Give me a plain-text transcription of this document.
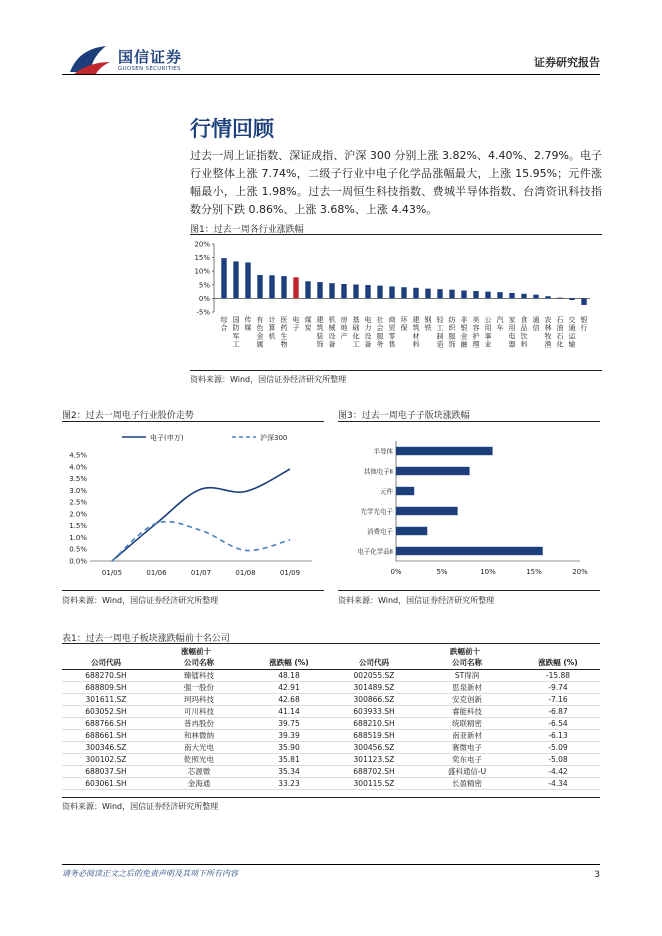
国信证券
GUOSEN SECURITIES	证券研究报告
行情回顾
过去一周上证指数、深证成指、沪深 300 分别上涨 3.82%、4.40%、2.79%。电子行业整体上涨 7.74%，二级子行业中电子化学品涨幅最大，上涨 15.95%；元件涨幅最小，上涨 1.98%。过去一周恒生科技指数、费城半导体指数、台湾资讯科技指数分别下跌 0.86%、上涨 3.68%、上涨 4.43%。
图1：过去一周各行业涨跌幅
-5%
0%
5%
10%
15%
20%
综合
国防军工
传媒
有色金属
计算机
医药生物
电子
煤炭
建筑装饰
机械设备
房地产
基础化工
电力设备
社会服务
商贸零售
环保
建筑材料
钢铁
轻工制造
纺织服饰
非银金融
美容护理
公用事业
汽车
家用电器
食品饮料
通信
农林牧渔
石油石化
交通运输
银行
资料来源：Wind，国信证券经济研究所整理
图2：过去一周电子行业股价走势
电子(申万)	沪深300
0.0%
0.5%
1.0%
1.5%
2.0%
2.5%
3.0%
3.5%
4.0%
4.5%
01/05	01/06	01/07	01/08	01/09
资料来源：Wind，国信证券经济研究所整理
图3：过去一周电子子版块涨跌幅
0%	5%	10%	15%	20%
半导体
其他电子Ⅱ
元件
光学光电子
消费电子
电子化学品Ⅱ
资料来源：Wind，国信证券经济研究所整理
表1：过去一周电子板块涨跌幅前十名公司
涨幅前十			跌幅前十		
公司代码	公司名称	涨跌幅 (%)	公司代码	公司名称	涨跌幅 (%)
688270.SH	臻镭科技	48.18	002055.SZ	ST得润	-15.88
688809.SH	强一股份	42.91	301489.SZ	思泉新材	-9.74
301611.SZ	珂玛科技	42.68	300866.SZ	安克创新	-7.16
603052.SH	可川科技	41.14	603933.SH	睿能科技	-6.87
688766.SH	普冉股份	39.75	688210.SH	统联精密	-6.54
688661.SH	和林微纳	39.39	688519.SH	南亚新材	-6.13
300346.SZ	南大光电	35.90	300456.SZ	赛微电子	-5.09
300102.SZ	乾照光电	35.81	301123.SZ	奕东电子	-5.08
688037.SH	芯源微	35.34	688702.SH	盛科通信-U	-4.42
603061.SH	金海通	33.23	300115.SZ	长盈精密	-4.34
资料来源：Wind，国信证券经济研究所整理
请务必阅读正文之后的免责声明及其项下所有内容	3
